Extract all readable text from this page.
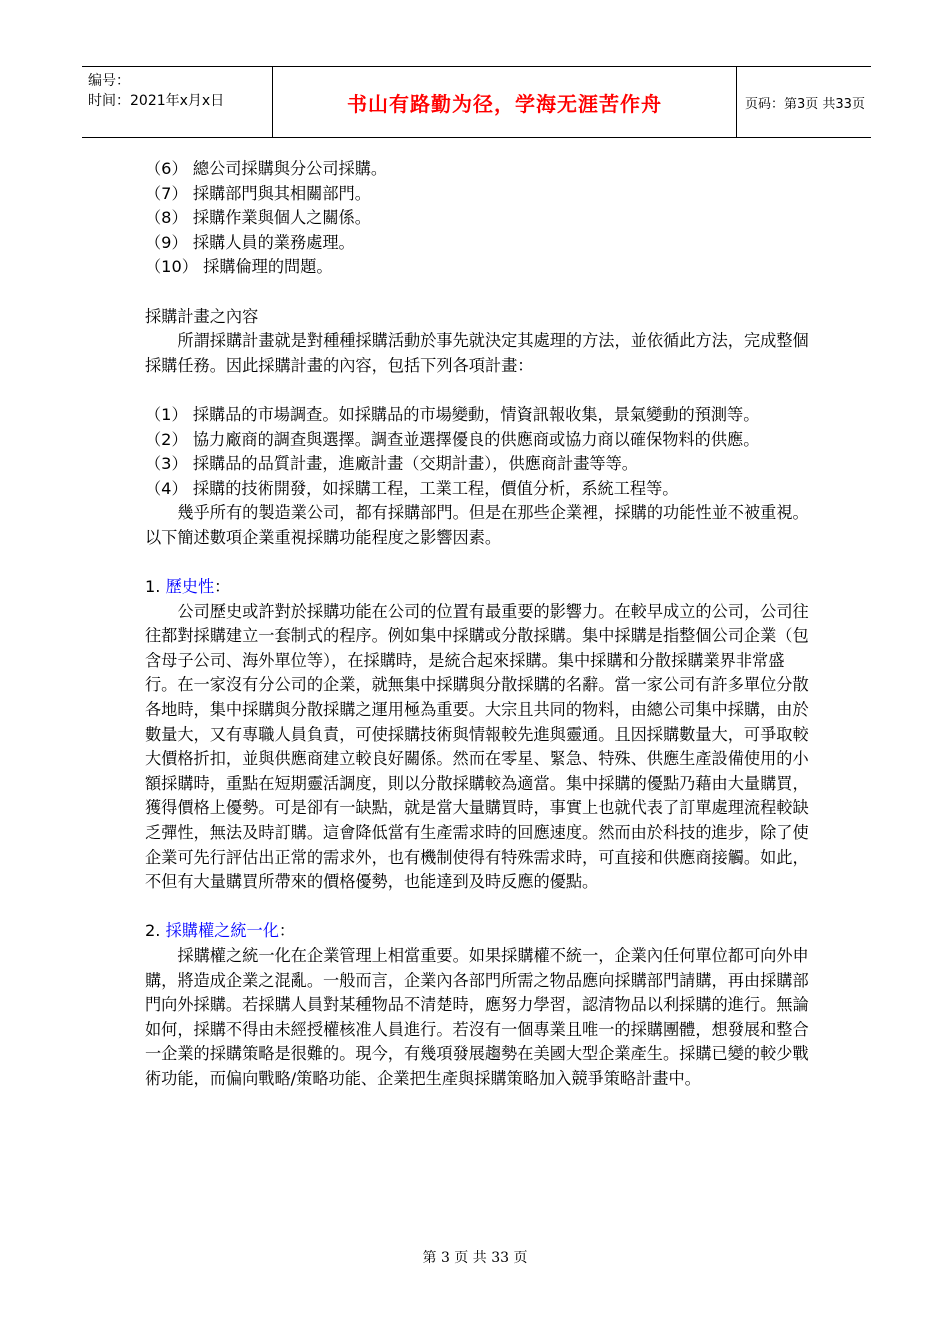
编号：
时间：2021年x月x日	书山有路勤为径，学海无涯苦作舟	页码：第3页 共33页

（6） 總公司採購與分公司採購。

（7） 採購部門與其相關部門。

（8） 採購作業與個人之關係。

（9） 採購人員的業務處理。

（10） 採購倫理的問題。

採購計畫之內容

所謂採購計畫就是對種種採購活動於事先就決定其處理的方法，並依循此方法，完成整個採購任務。因此採購計畫的內容，包括下列各項計畫：

（1） 採購品的市場調查。如採購品的市場變動，情資訊報收集，景氣變動的預測等。

（2） 協力廠商的調查與選擇。調查並選擇優良的供應商或協力商以確保物料的供應。

（3） 採購品的品質計畫，進廠計畫（交期計畫），供應商計畫等等。

（4） 採購的技術開發，如採購工程，工業工程，價值分析，系統工程等。

幾乎所有的製造業公司，都有採購部門。但是在那些企業裡，採購的功能性並不被重視。以下簡述數項企業重視採購功能程度之影響因素。

1. 歷史性：

公司歷史或許對於採購功能在公司的位置有最重要的影響力。在較早成立的公司，公司往往都對採購建立一套制式的程序。例如集中採購或分散採購。集中採購是指整個公司企業（包含母子公司、海外單位等），在採購時，是統合起來採購。集中採購和分散採購業界非常盛行。在一家沒有分公司的企業，就無集中採購與分散採購的名辭。當一家公司有許多單位分散各地時，集中採購與分散採購之運用極為重要。大宗且共同的物料，由總公司集中採購，由於數量大，又有專職人員負責，可使採購技術與情報較先進與靈通。且因採購數量大，可爭取較大價格折扣，並與供應商建立較良好關係。然而在零星、緊急、特殊、供應生產設備使用的小額採購時，重點在短期靈活調度，則以分散採購較為適當。集中採購的優點乃藉由大量購買，獲得價格上優勢。可是卻有一缺點，就是當大量購買時，事實上也就代表了訂單處理流程較缺乏彈性，無法及時訂購。這會降低當有生產需求時的回應速度。然而由於科技的進步，除了使企業可先行評估出正常的需求外，也有機制使得有特殊需求時，可直接和供應商接觸。如此，不但有大量購買所帶來的價格優勢，也能達到及時反應的優點。

2. 採購權之統一化：

採購權之統一化在企業管理上相當重要。如果採購權不統一，企業內任何單位都可向外申購，將造成企業之混亂。一般而言，企業內各部門所需之物品應向採購部門請購，再由採購部門向外採購。若採購人員對某種物品不清楚時，應努力學習，認清物品以利採購的進行。無論如何，採購不得由未經授權核准人員進行。若沒有一個專業且唯一的採購團體，想發展和整合一企業的採購策略是很難的。現今，有幾項發展趨勢在美國大型企業產生。採購已變的較少戰術功能，而偏向戰略/策略功能、企業把生產與採購策略加入競爭策略計畫中。

第 3 页 共 33 页
